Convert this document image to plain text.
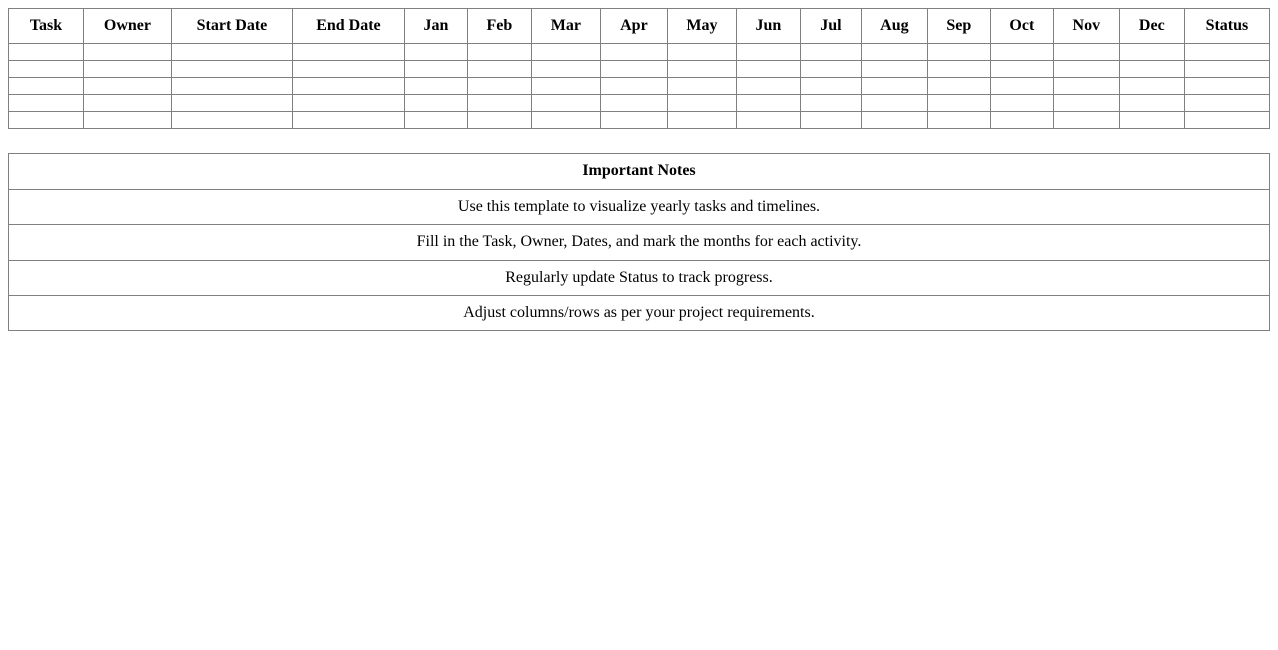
Task	Owner	Start Date	End Date	Jan	Feb	Mar	Apr	May	Jun	Jul	Aug	Sep	Oct	Nov	Dec	Status

Important Notes
Use this template to visualize yearly tasks and timelines.
Fill in the Task, Owner, Dates, and mark the months for each activity.
Regularly update Status to track progress.
Adjust columns/rows as per your project requirements.
